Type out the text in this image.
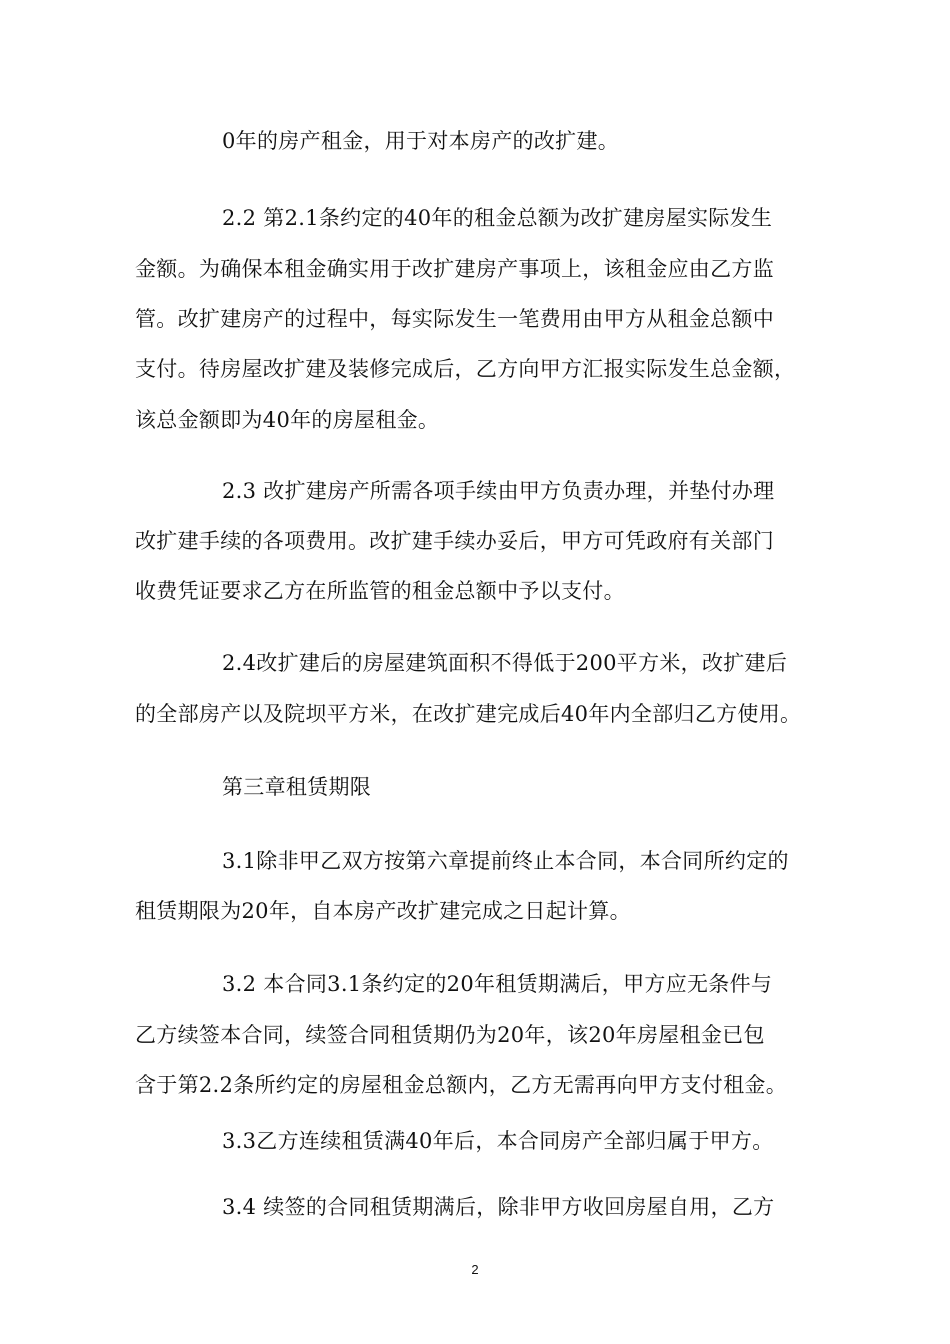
0年的房产租金，用于对本房产的改扩建。
2.2 第2.1条约定的40年的租金总额为改扩建房屋实际发生
金额。为确保本租金确实用于改扩建房产事项上，该租金应由乙方监
管。改扩建房产的过程中，每实际发生一笔费用由甲方从租金总额中
支付。待房屋改扩建及装修完成后，乙方向甲方汇报实际发生总金额，
该总金额即为40年的房屋租金。
2.3 改扩建房产所需各项手续由甲方负责办理，并垫付办理
改扩建手续的各项费用。改扩建手续办妥后，甲方可凭政府有关部门
收费凭证要求乙方在所监管的租金总额中予以支付。
2.4改扩建后的房屋建筑面积不得低于200平方米，改扩建后
的全部房产以及院坝平方米，在改扩建完成后40年内全部归乙方使用。
第三章租赁期限
3.1除非甲乙双方按第六章提前终止本合同，本合同所约定的
租赁期限为20年，自本房产改扩建完成之日起计算。
3.2 本合同3.1条约定的20年租赁期满后，甲方应无条件与
乙方续签本合同，续签合同租赁期仍为20年，该20年房屋租金已包
含于第2.2条所约定的房屋租金总额内，乙方无需再向甲方支付租金。
3.3乙方连续租赁满40年后，本合同房产全部归属于甲方。
3.4 续签的合同租赁期满后，除非甲方收回房屋自用，乙方
2
